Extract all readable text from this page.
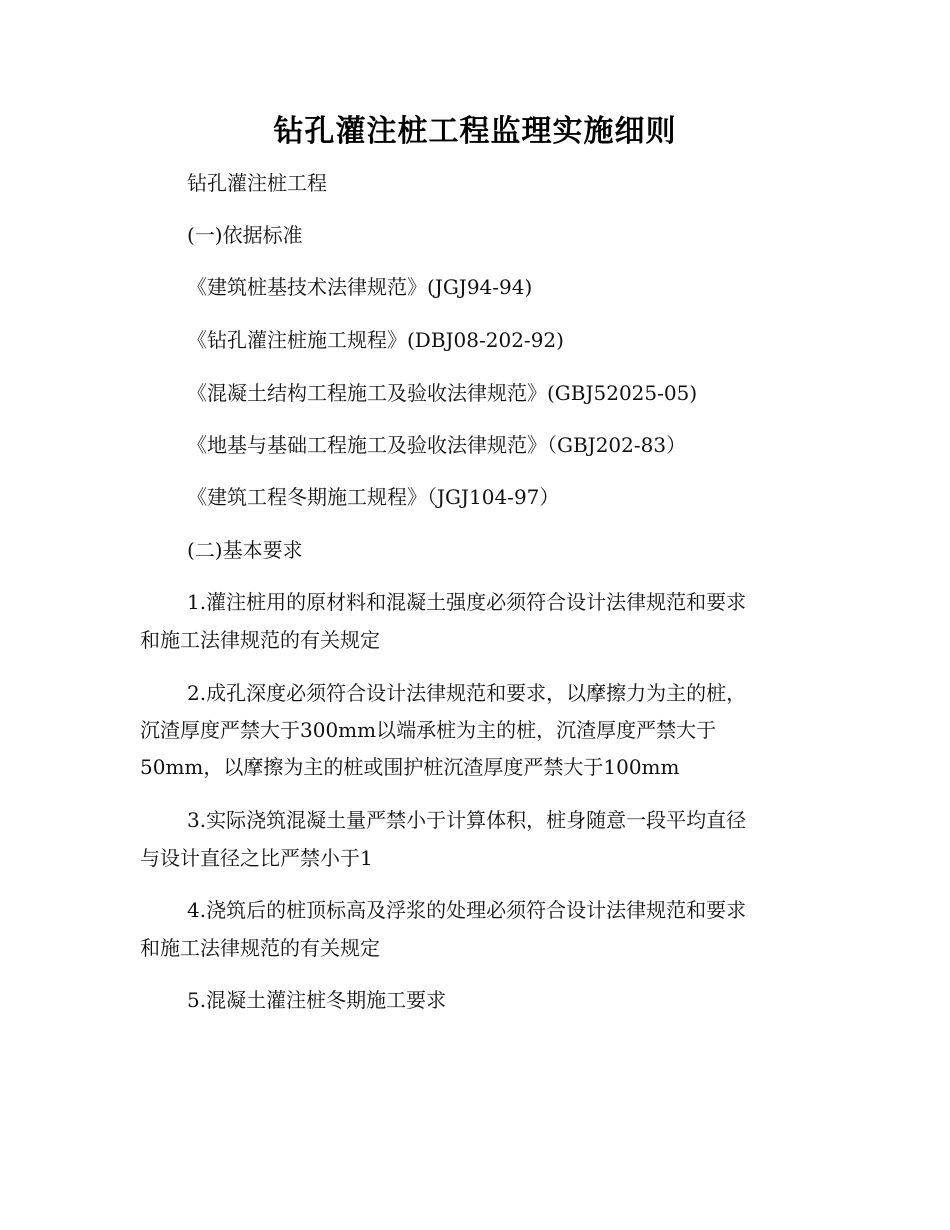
钻孔灌注桩工程监理实施细则
钻孔灌注桩工程
(一)依据标准
《建筑桩基技术法律规范》(JGJ94-94)
《钻孔灌注桩施工规程》(DBJ08-202-92)
《混凝土结构工程施工及验收法律规范》(GBJ52025-05)
《地基与基础工程施工及验收法律规范》（GBJ202-83）
《建筑工程冬期施工规程》（JGJ104-97）
(二)基本要求
1.灌注桩用的原材料和混凝土强度必须符合设计法律规范和要求
和施工法律规范的有关规定
2.成孔深度必须符合设计法律规范和要求，以摩擦力为主的桩，
沉渣厚度严禁大于300mm以端承桩为主的桩，沉渣厚度严禁大于
50mm，以摩擦为主的桩或围护桩沉渣厚度严禁大于100mm
3.实际浇筑混凝土量严禁小于计算体积，桩身随意一段平均直径
与设计直径之比严禁小于1
4.浇筑后的桩顶标高及浮浆的处理必须符合设计法律规范和要求
和施工法律规范的有关规定
5.混凝土灌注桩冬期施工要求
